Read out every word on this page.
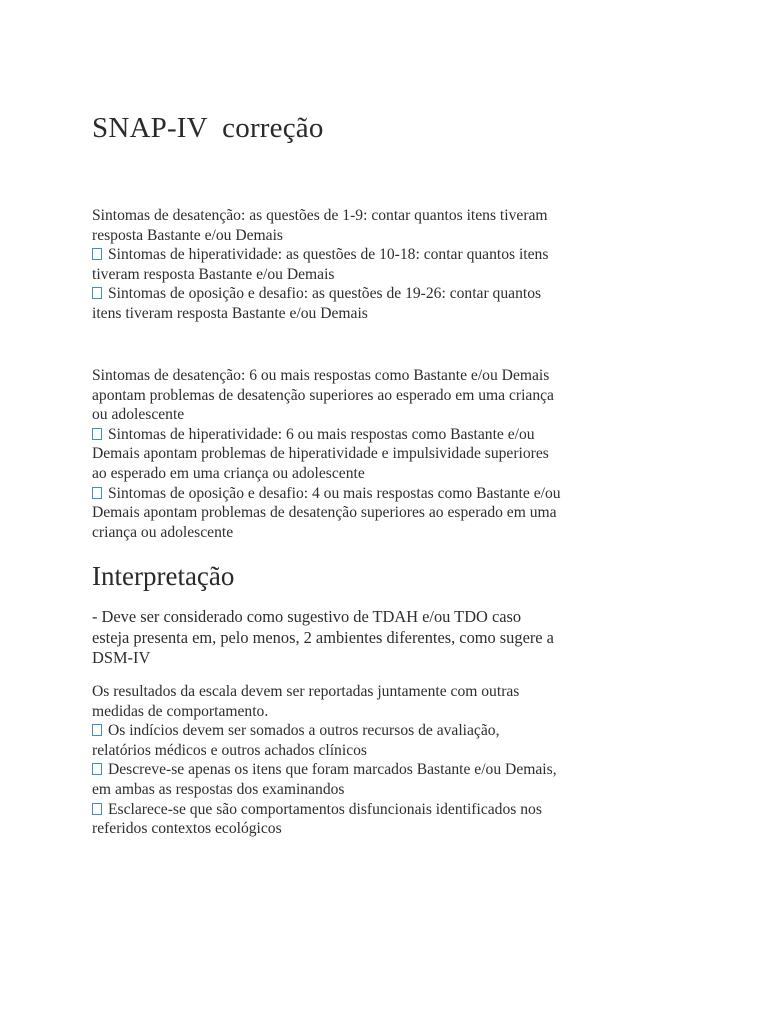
SNAP-IV  correção

Sintomas de desatenção: as questões de 1-9: contar quantos itens tiveram resposta Bastante e/ou Demais

Sintomas de hiperatividade: as questões de 10-18: contar quantos itens tiveram resposta Bastante e/ou Demais

Sintomas de oposição e desafio: as questões de 19-26: contar quantos itens tiveram resposta Bastante e/ou Demais

Sintomas de desatenção: 6 ou mais respostas como Bastante e/ou Demais apontam problemas de desatenção superiores ao esperado em uma criança ou adolescente

Sintomas de hiperatividade: 6 ou mais respostas como Bastante e/ou Demais apontam problemas de hiperatividade e impulsividade superiores ao esperado em uma criança ou adolescente

Sintomas de oposição e desafio: 4 ou mais respostas como Bastante e/ou Demais apontam problemas de desatenção superiores ao esperado em uma criança ou adolescente

Interpretação

- Deve ser considerado como sugestivo de TDAH e/ou TDO caso esteja presenta em, pelo menos, 2 ambientes diferentes, como sugere a DSM-IV

Os resultados da escala devem ser reportadas juntamente com outras medidas de comportamento.

Os indícios devem ser somados a outros recursos de avaliação, relatórios médicos e outros achados clínicos

Descreve-se apenas os itens que foram marcados Bastante e/ou Demais, em ambas as respostas dos examinandos

Esclarece-se que são comportamentos disfuncionais identificados nos referidos contextos ecológicos
